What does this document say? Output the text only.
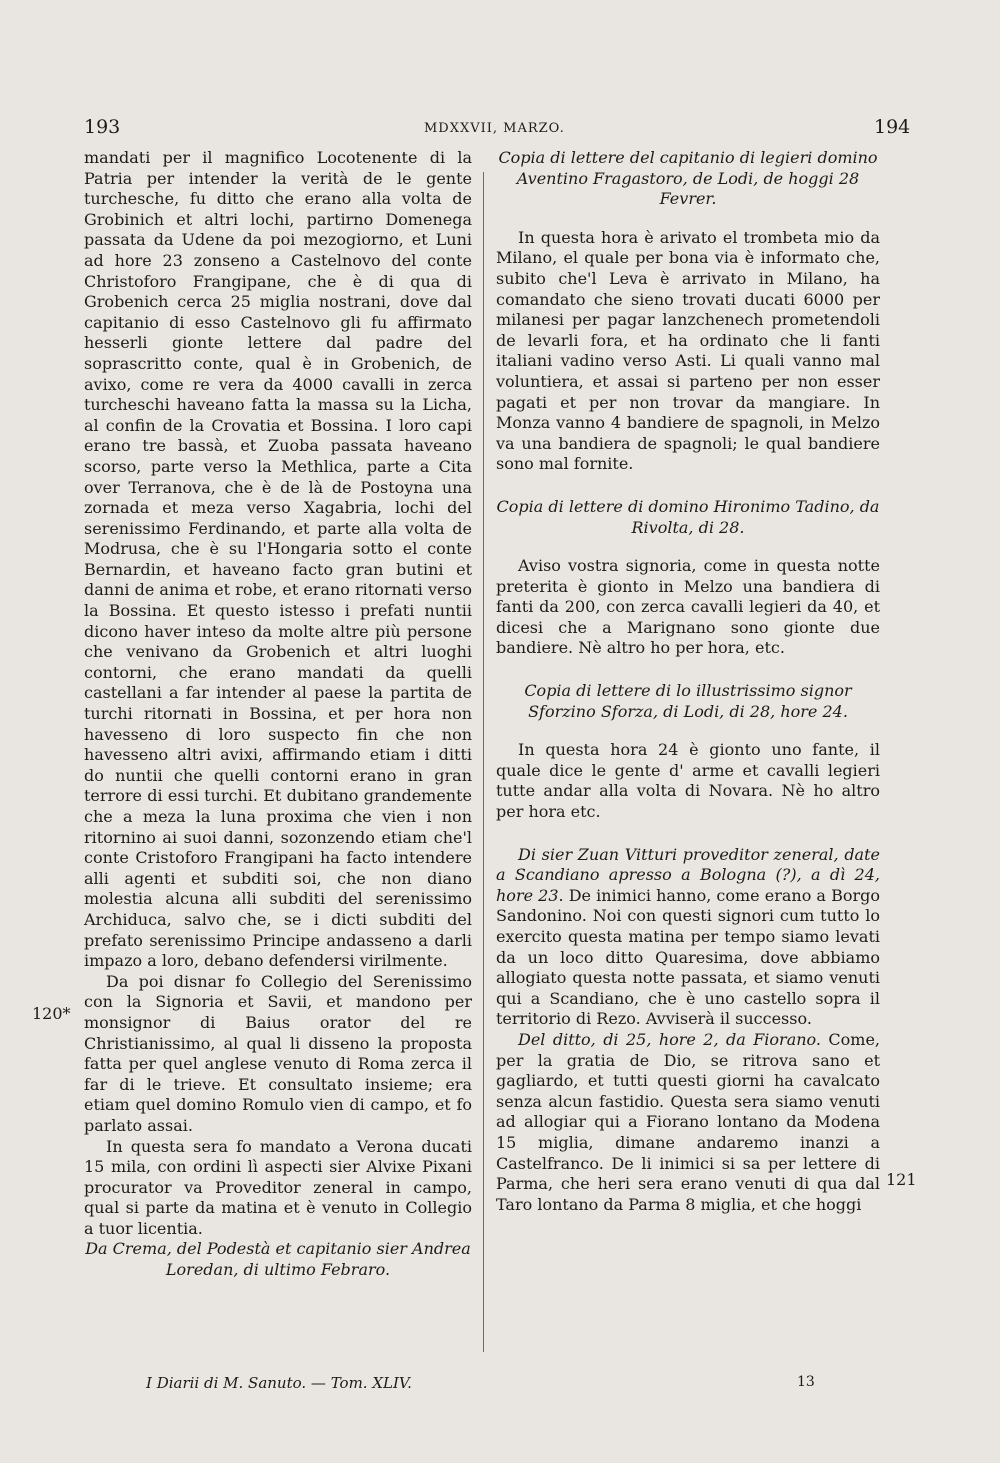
193	MDXXVII, MARZO.	194

mandati per il magnifico Locotenente di la Patria per intender la verità de le gente turchesche, fu ditto che erano alla volta de Grobinich et altri lochi, partirno Domenega passata da Udene da poi mezogiorno, et Luni ad hore 23 zonseno a Castelnovo del conte Christoforo Frangipane, che è di qua di Grobenich cerca 25 miglia nostrani, dove dal capitanio di esso Castelnovo gli fu affirmato hesserli gionte lettere dal padre del soprascritto conte, qual è in Grobenich, de avixo, come re vera da 4000 cavalli in zerca turcheschi haveano fatta la massa su la Licha, al confin de la Crovatia et Bossina. I loro capi erano tre bassà, et Zuoba passata haveano scorso, parte verso la Methlica, parte a Cita over Terranova, che è de là de Postoyna una zornada et meza verso Xagabria, lochi del serenissimo Ferdinando, et parte alla volta de Modrusa, che è su l'Hongaria sotto el conte Bernardin, et haveano facto gran butini et danni de anima et robe, et erano ritornati verso la Bossina. Et questo istesso i prefati nuntii dicono haver inteso da molte altre più persone che venivano da Grobenich et altri luoghi contorni, che erano mandati da quelli castellani a far intender al paese la partita de turchi ritornati in Bossina, et per hora non havesseno di loro suspecto fin che non havesseno altri avixi, affirmando etiam i ditti do nuntii che quelli contorni erano in gran terrore di essi turchi. Et dubitano grandemente che a meza la luna proxima che vien i non ritornino ai suoi danni, sozonzendo etiam che'l conte Cristoforo Frangipani ha facto intendere alli agenti et subditi soi, che non diano molestia alcuna alli subditi del serenissimo Archiduca, salvo che, se i dicti subditi del prefato serenissimo Principe andasseno a darli impazo a loro, debano defendersi virilmente.

Da poi disnar fo Collegio del Serenissimo con la Signoria et Savii, et mandono per monsignor di Baius orator del re Christianissimo, al qual li disseno la proposta fatta per quel anglese venuto di Roma zerca il far di le trieve. Et consultato insieme; era etiam quel domino Romulo vien di campo, et fo parlato assai.

In questa sera fo mandato a Verona ducati 15 mila, con ordini lì aspecti sier Alvixe Pixani procurator va Proveditor zeneral in campo, qual si parte da matina et è venuto in Collegio a tuor licentia.

Da Crema, del Podestà et capitanio sier Andrea Loredan, di ultimo Febraro.

Copia di lettere del capitanio di legieri domino Aventino Fragastoro, de Lodi, de hoggi 28 Fevrer.

In questa hora è arivato el trombeta mio da Milano, el quale per bona via è informato che, subito che'l Leva è arrivato in Milano, ha comandato che sieno trovati ducati 6000 per milanesi per pagar lanzchenech prometendoli de levarli fora, et ha ordinato che li fanti italiani vadino verso Asti. Li quali vanno mal voluntiera, et assai si parteno per non esser pagati et per non trovar da mangiare. In Monza vanno 4 bandiere de spagnoli, in Melzo va una bandiera de spagnoli; le qual bandiere sono mal fornite.

Copia di lettere di domino Hironimo Tadino, da Rivolta, di 28.

Aviso vostra signoria, come in questa notte preterita è gionto in Melzo una bandiera di fanti da 200, con zerca cavalli legieri da 40, et dicesi che a Marignano sono gionte due bandiere. Nè altro ho per hora, etc.

Copia di lettere di lo illustrissimo signor Sforzino Sforza, di Lodi, di 28, hore 24.

In questa hora 24 è gionto uno fante, il quale dice le gente d' arme et cavalli legieri tutte andar alla volta di Novara. Nè ho altro per hora etc.

Di sier Zuan Vitturi proveditor zeneral, date a Scandiano apresso a Bologna (?), a dì 24, hore 23. De inimici hanno, come erano a Borgo Sandonino. Noi con questi signori cum tutto lo exercito questa matina per tempo siamo levati da un loco ditto Quaresima, dove abbiamo allogiato questa notte passata, et siamo venuti qui a Scandiano, che è uno castello sopra il territorio di Rezo. Avviserà il successo.

Del ditto, di 25, hore 2, da Fiorano. Come, per la gratia de Dio, se ritrova sano et gagliardo, et tutti questi giorni ha cavalcato senza alcun fastidio. Questa sera siamo venuti ad allogiar qui a Fiorano lontano da Modena 15 miglia, dimane andaremo inanzi a Castelfranco. De li inimici si sa per lettere di Parma, che heri sera erano venuti di qua dal Taro lontano da Parma 8 miglia, et che hoggi

120*
121
I Diarii di M. Sanuto. — Tom. XLIV.	13
